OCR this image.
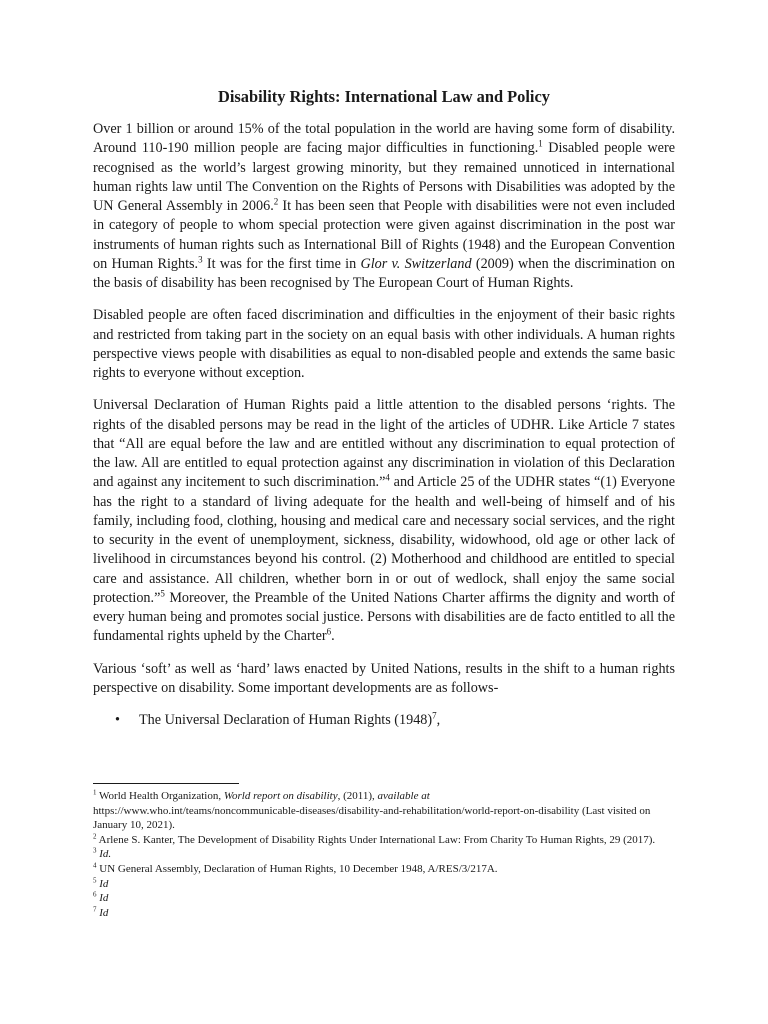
Disability Rights: International Law and Policy

Over 1 billion or around 15% of the total population in the world are having some form of disability. Around 110-190 million people are facing major difficulties in functioning.$^1$ Disabled people were recognised as the world’s largest growing minority, but they remained unnoticed in international human rights law until The Convention on the Rights of Persons with Disabilities was adopted by the UN General Assembly in 2006.$^2$ It has been seen that People with disabilities were not even included in category of people to whom special protection were given against discrimination in the post war instruments of human rights such as International Bill of Rights (1948) and the European Convention on Human Rights.$^3$ It was for the first time in Glor v. Switzerland (2009) when the discrimination on the basis of disability has been recognised by The European Court of Human Rights.

Disabled people are often faced discrimination and difficulties in the enjoyment of their basic rights and restricted from taking part in the society on an equal basis with other individuals. A human rights perspective views people with disabilities as equal to non-disabled people and extends the same basic rights to everyone without exception.

Universal Declaration of Human Rights paid a little attention to the disabled persons ‘rights. The rights of the disabled persons may be read in the light of the articles of UDHR. Like Article 7 states that “All are equal before the law and are entitled without any discrimination to equal protection of the law. All are entitled to equal protection against any discrimination in violation of this Declaration and against any incitement to such discrimination.”$^4$ and Article 25 of the UDHR states “(1) Everyone has the right to a standard of living adequate for the health and well-being of himself and of his family, including food, clothing, housing and medical care and necessary social services, and the right to security in the event of unemployment, sickness, disability, widowhood, old age or other lack of livelihood in circumstances beyond his control. (2) Motherhood and childhood are entitled to special care and assistance. All children, whether born in or out of wedlock, shall enjoy the same social protection.”$^5$ Moreover, the Preamble of the United Nations Charter affirms the dignity and worth of every human being and promotes social justice. Persons with disabilities are de facto entitled to all the fundamental rights upheld by the Charter$^6$.

Various ‘soft’ as well as ‘hard’ laws enacted by United Nations, results in the shift to a human rights perspective on disability. Some important developments are as follows-

• The Universal Declaration of Human Rights $(1948)^7$,

$^1$ World Health Organization, World report on disability, (2011), available at
https://www.who.int/teams/noncommunicable-diseases/disability-and-rehabilitation/world-report-on-disability (Last visited on January 10, 2021).

$^2$ Arlene S. Kanter, The Development of Disability Rights Under International Law: From Charity To Human Rights, 29 (2017).

$^3$ Id.

$^4$ UN General Assembly, Declaration of Human Rights, 10 December 1948, A/RES/3/217A.

$^5$ Id

$^6$ Id

$^7$ Id
